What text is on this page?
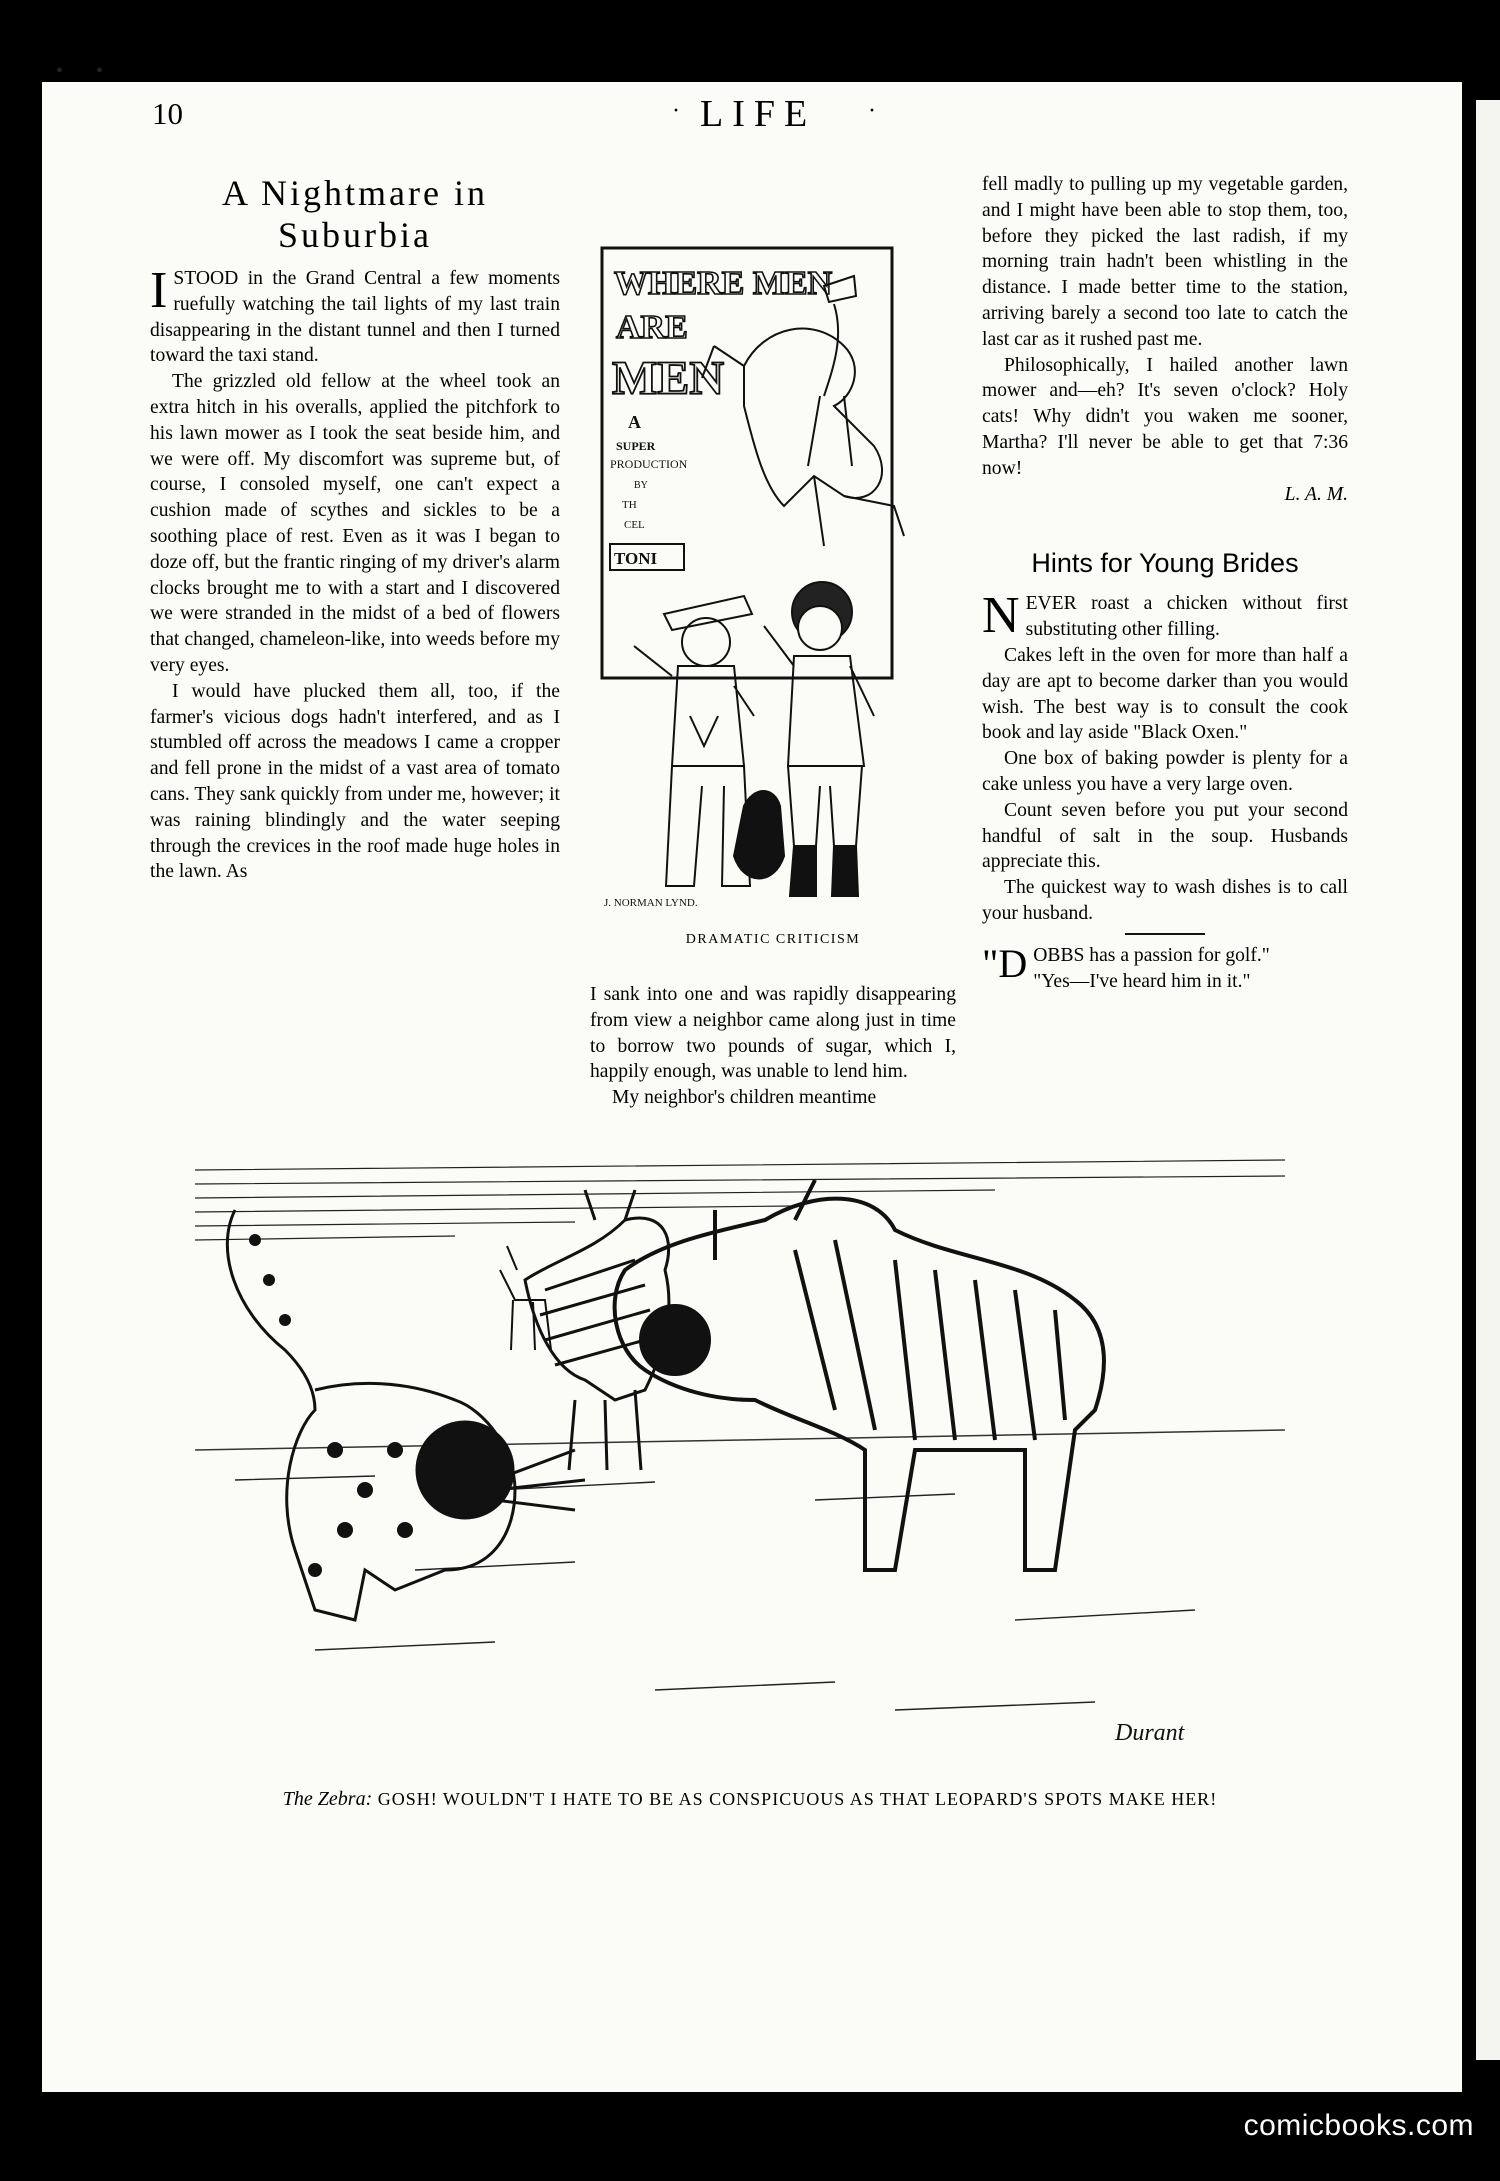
• •
10	· LIFE ·
A Nightmare in Suburbia

ISTOOD in the Grand Central a few moments ruefully watching the tail lights of my last train disappearing in the distant tunnel and then I turned toward the taxi stand.

The grizzled old fellow at the wheel took an extra hitch in his overalls, applied the pitchfork to his lawn mower as I took the seat beside him, and we were off. My discomfort was supreme but, of course, I consoled myself, one can't expect a cushion made of scythes and sickles to be a soothing place of rest. Even as it was I began to doze off, but the frantic ringing of my driver's alarm clocks brought me to with a start and I discovered we were stranded in the midst of a bed of flowers that changed, chameleon-like, into weeds before my very eyes.

I would have plucked them all, too, if the farmer's vicious dogs hadn't interfered, and as I stumbled off across the meadows I came a cropper and fell prone in the midst of a vast area of tomato cans. They sank quickly from under me, however; it was raining blindingly and the water seeping through the crevices in the roof made huge holes in the lawn. As

WHERE MEN
ARE
MEN
A
SUPER
PRODUCTION
BY
TH
CEL
TONI
J. NORMAN LYND.
DRAMATIC CRITICISM

I sank into one and was rapidly disappearing from view a neighbor came along just in time to borrow two pounds of sugar, which I, happily enough, was unable to lend him.

My neighbor's children meantime

fell madly to pulling up my vegetable garden, and I might have been able to stop them, too, before they picked the last radish, if my morning train hadn't been whistling in the distance. I made better time to the station, arriving barely a second too late to catch the last car as it rushed past me.

Philosophically, I hailed another lawn mower and—eh? It's seven o'clock? Holy cats! Why didn't you waken me sooner, Martha? I'll never be able to get that 7:36 now!

L. A. M.

Hints for Young Brides

NEVER roast a chicken without first substituting other filling.

Cakes left in the oven for more than half a day are apt to become darker than you would wish. The best way is to consult the cook book and lay aside "Black Oxen."

One box of baking powder is plenty for a cake unless you have a very large oven.

Count seven before you put your second handful of salt in the soup. Husbands appreciate this.

The quickest way to wash dishes is to call your husband.

"DOBBS has a passion for golf."

"Yes—I've heard him in it."

Durant
The Zebra: GOSH! WOULDN'T I HATE TO BE AS CONSPICUOUS AS THAT LEOPARD'S SPOTS MAKE HER!
comicbooks.com
